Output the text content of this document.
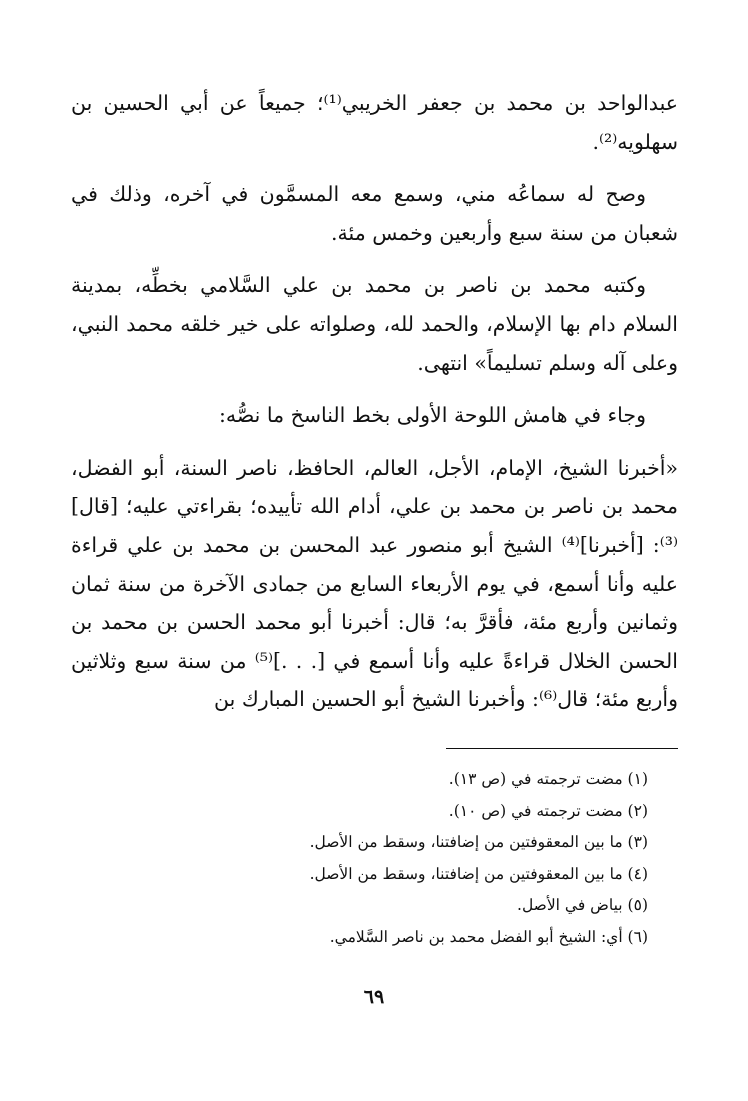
عبدالواحد بن محمد بن جعفر الخريبي⁽¹⁾؛ جميعاً عن أبي الحسين بن سهلويه⁽²⁾.

وصح له سماعُه مني، وسمع معه المسمَّون في آخره، وذلك في شعبان من سنة سبع وأربعين وخمس مئة.

وكتبه محمد بن ناصر بن محمد بن علي السَّلامي بخطِّه، بمدينة السلام دام بها الإسلام، والحمد لله، وصلواته على خير خلقه محمد النبي، وعلى آله وسلم تسليماً» انتهى.

وجاء في هامش اللوحة الأولى بخط الناسخ ما نصُّه:

«أخبرنا الشيخ، الإمام، الأجل، العالم، الحافظ، ناصر السنة، أبو الفضل، محمد بن ناصر بن محمد بن علي، أدام الله تأييده؛ بقراءتي عليه؛ [قال]⁽³⁾: [أخبرنا]⁽⁴⁾ الشيخ أبو منصور عبد المحسن بن محمد بن علي قراءة عليه وأنا أسمع، في يوم الأربعاء السابع من جمادى الآخرة من سنة ثمان وثمانين وأربع مئة، فأقرَّ به؛ قال: أخبرنا أبو محمد الحسن بن محمد بن الحسن الخلال قراءةً عليه وأنا أسمع في [. . .]⁽⁵⁾ من سنة سبع وثلاثين وأربع مئة؛ قال⁽⁶⁾: وأخبرنا الشيخ أبو الحسين المبارك بن

(١) مضت ترجمته في (ص ١٣).
(٢) مضت ترجمته في (ص ١٠).
(٣) ما بين المعقوفتين من إضافتنا، وسقط من الأصل.
(٤) ما بين المعقوفتين من إضافتنا، وسقط من الأصل.
(٥) بياض في الأصل.
(٦) أي: الشيخ أبو الفضل محمد بن ناصر السَّلامي.
٦٩
